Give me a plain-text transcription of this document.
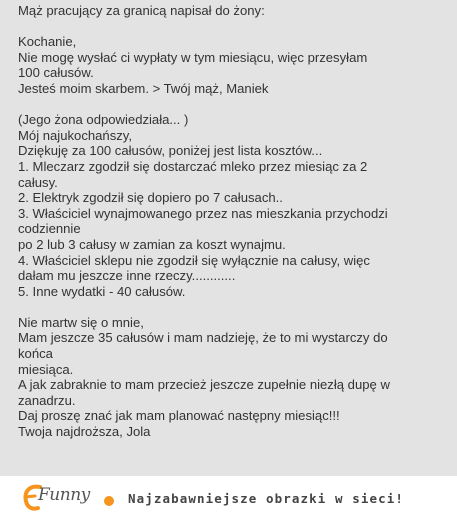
Mąż pracujący za granicą napisał do żony:
Kochanie,
Nie mogę wysłać ci wypłaty w tym miesiącu, więc przesyłam
100 całusów.
Jesteś moim skarbem. > Twój mąż, Maniek
(Jego żona odpowiedziała... )
Mój najukochańszy,
Dziękuję za 100 całusów, poniżej jest lista kosztów...
1. Mleczarz zgodził się dostarczać mleko przez miesiąc za 2
całusy.
2. Elektryk zgodził się dopiero po 7 całusach..
3. Właściciel wynajmowanego przez nas mieszkania przychodzi
codziennie
po 2 lub 3 całusy w zamian za koszt wynajmu.
4. Właściciel sklepu nie zgodził się wyłącznie na całusy, więc
dałam mu jeszcze inne rzeczy............
5. Inne wydatki - 40 całusów.
Nie martw się o mnie,
Mam jeszcze 35 całusów i mam nadzieję, że to mi wystarczy do
końca
miesiąca.
A jak zabraknie to mam przecież jeszcze zupełnie niezłą dupę w
zanadrzu.
Daj proszę znać jak mam planować następny miesiąc!!!
Twoja najdroższa, Jola
Funny	Najzabawniejsze obrazki w sieci!
